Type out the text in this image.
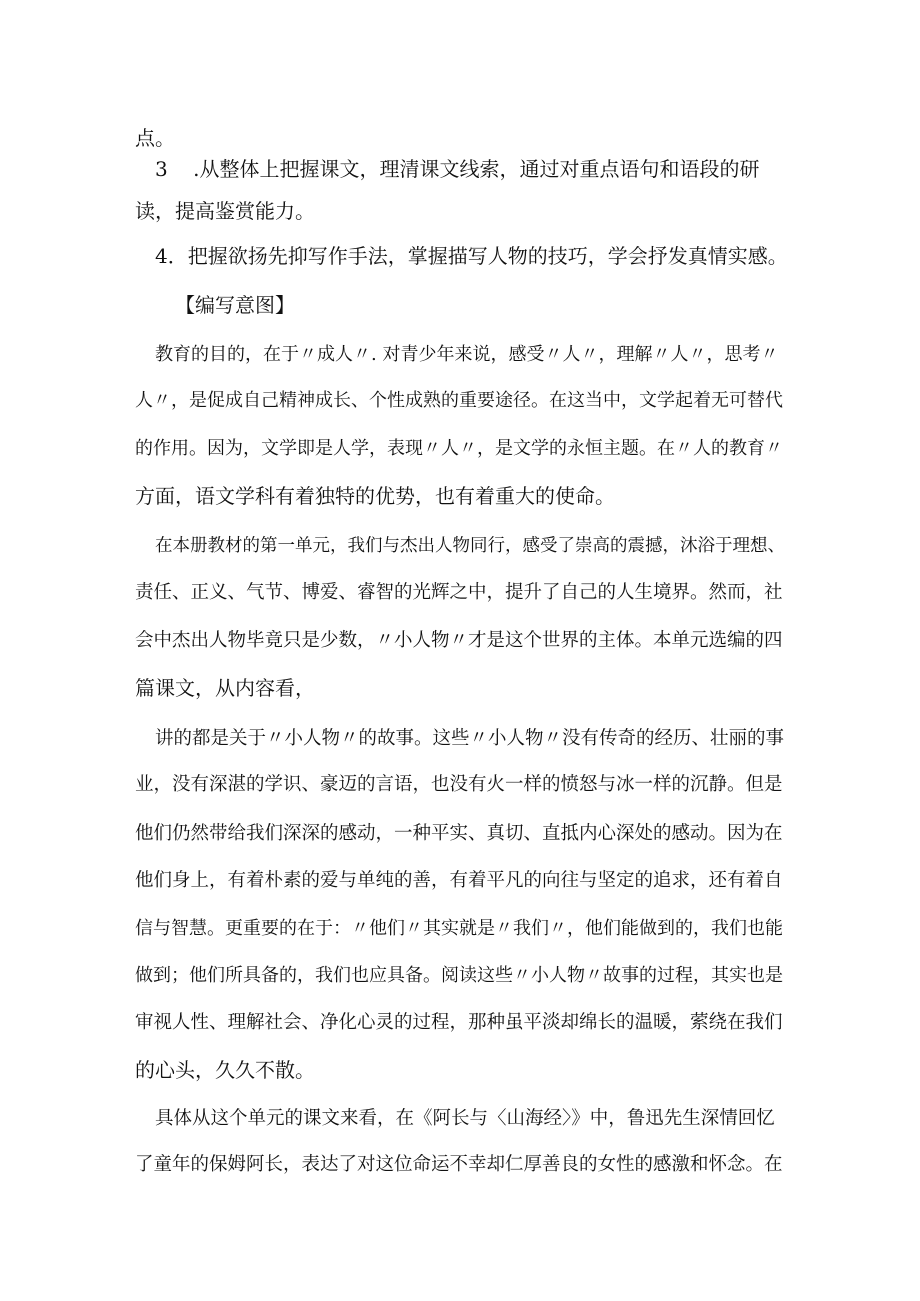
点。
3    .从整体上把握课文，理清课文线索，通过对重点语句和语段的研
读，提高鉴赏能力。
4．把握欲扬先抑写作手法，掌握描写人物的技巧，学会抒发真情实感。
【编写意图】
教育的目的，在于〃成人〃. 对青少年来说，感受〃人〃，理解〃人〃，思考〃
人〃，是促成自己精神成长、个性成熟的重要途径。在这当中，文学起着无可替代
的作用。因为，文学即是人学，表现〃人〃，是文学的永恒主题。在〃人的教育〃
方面，语文学科有着独特的优势，也有着重大的使命。
在本册教材的第一单元，我们与杰出人物同行，感受了崇高的震撼，沐浴于理想、
责任、正义、气节、博爱、睿智的光辉之中，提升了自己的人生境界。然而，社
会中杰出人物毕竟只是少数，〃小人物〃才是这个世界的主体。本单元选编的四
篇课文，从内容看，
讲的都是关于〃小人物〃的故事。这些〃小人物〃没有传奇的经历、壮丽的事
业，没有深湛的学识、豪迈的言语，也没有火一样的愤怒与冰一样的沉静。但是
他们仍然带给我们深深的感动，一种平实、真切、直抵内心深处的感动。因为在
他们身上，有着朴素的爱与单纯的善，有着平凡的向往与坚定的追求，还有着自
信与智慧。更重要的在于：〃他们〃其实就是〃我们〃，他们能做到的，我们也能
做到；他们所具备的，我们也应具备。阅读这些〃小人物〃故事的过程，其实也是
审视人性、理解社会、净化心灵的过程，那种虽平淡却绵长的温暖，萦绕在我们
的心头，久久不散。
具体从这个单元的课文来看，在《阿长与〈山海经〉》中，鲁迅先生深情回忆
了童年的保姆阿长，表达了对这位命运不幸却仁厚善良的女性的感激和怀念。在
